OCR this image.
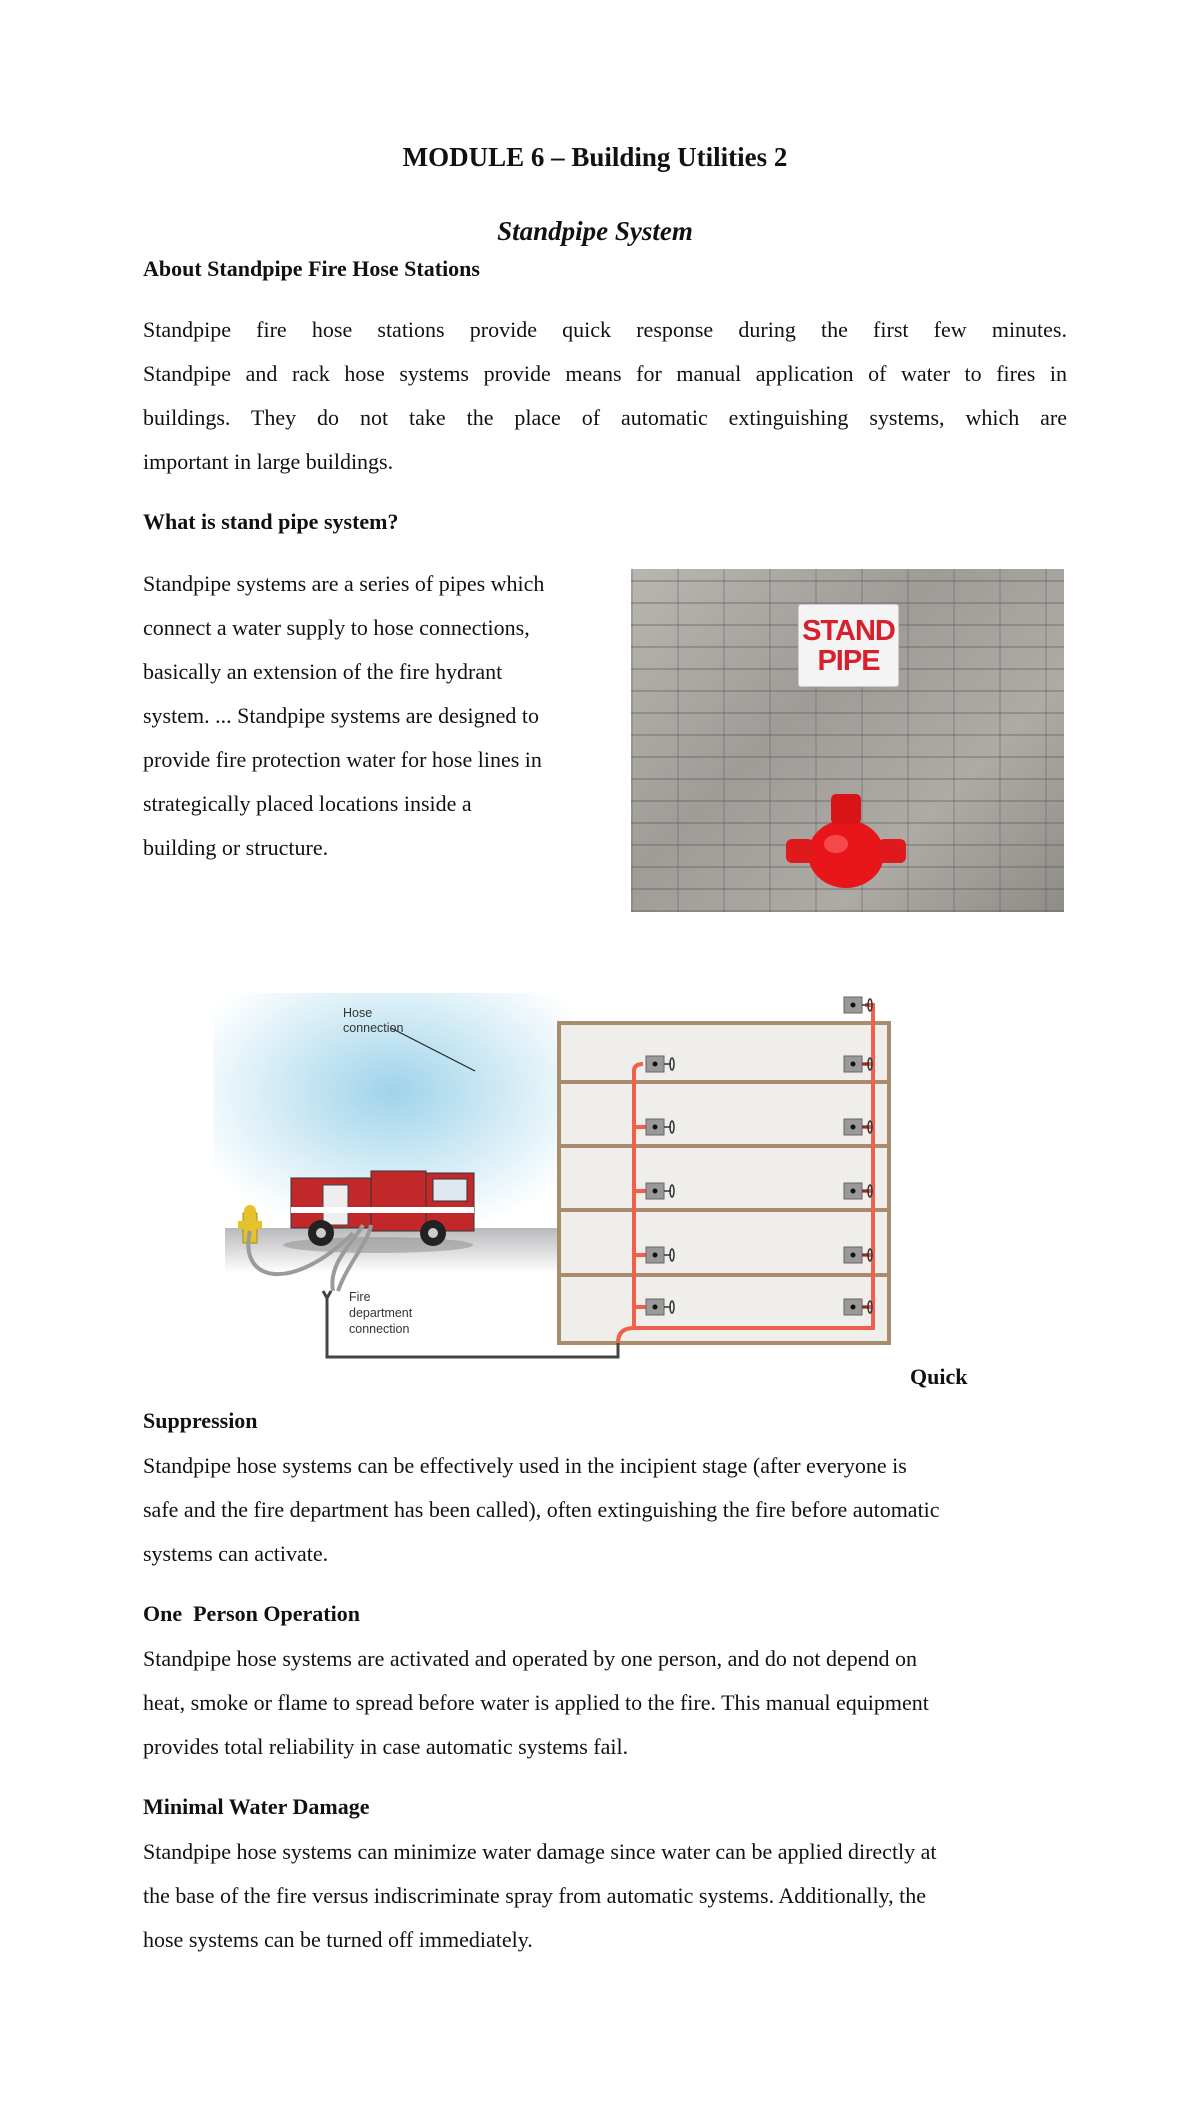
MODULE 6 – Building Utilities 2
Standpipe System
About Standpipe Fire Hose Stations
Standpipe fire hose stations provide quick response during the first few minutes.
Standpipe and rack hose systems provide means for manual application of water to fires in
buildings. They do not take the place of automatic extinguishing systems, which are
important in large buildings.
What is stand pipe system?
Standpipe systems are a series of pipes which
connect a water supply to hose connections,
basically an extension of the fire hydrant
system. ... Standpipe systems are designed to
provide fire protection water for hose lines in
strategically placed locations inside a
building or structure.
STAND
PIPE
Hose connection
Fire department connection
Quick
Suppression
Standpipe hose systems can be effectively used in the incipient stage (after everyone is
safe and the fire department has been called), often extinguishing the fire before automatic
systems can activate.
One  Person Operation
Standpipe hose systems are activated and operated by one person, and do not depend on
heat, smoke or flame to spread before water is applied to the fire. This manual equipment
provides total reliability in case automatic systems fail.
Minimal Water Damage
Standpipe hose systems can minimize water damage since water can be applied directly at
the base of the fire versus indiscriminate spray from automatic systems. Additionally, the
hose systems can be turned off immediately.
